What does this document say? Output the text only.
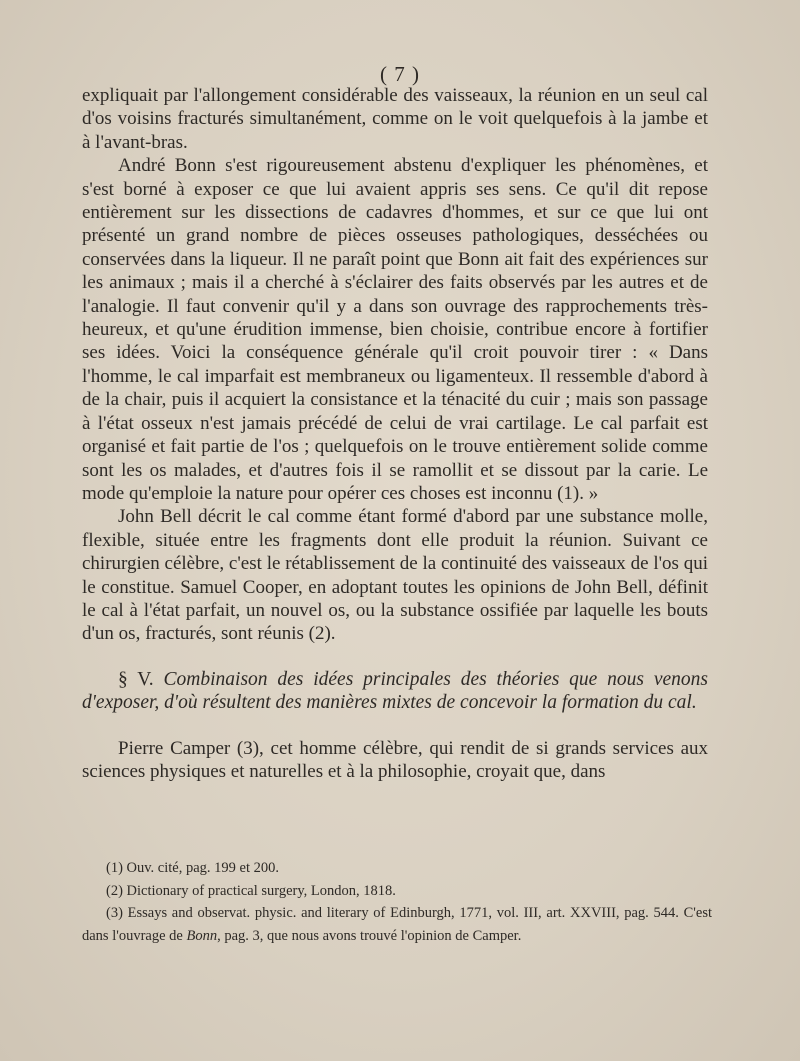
( 7 )

expliquait par l'allongement considérable des vaisseaux, la réunion en un seul cal d'os voisins fracturés simultanément, comme on le voit quelquefois à la jambe et à l'avant-bras.

André Bonn s'est rigoureusement abstenu d'expliquer les phénomènes, et s'est borné à exposer ce que lui avaient appris ses sens. Ce qu'il dit repose entièrement sur les dissections de cadavres d'hommes, et sur ce que lui ont présenté un grand nombre de pièces osseuses pathologiques, desséchées ou conservées dans la liqueur. Il ne paraît point que Bonn ait fait des expériences sur les animaux ; mais il a cherché à s'éclairer des faits observés par les autres et de l'analogie. Il faut convenir qu'il y a dans son ouvrage des rapprochements très-heureux, et qu'une érudition immense, bien choisie, contribue encore à fortifier ses idées. Voici la conséquence générale qu'il croit pouvoir tirer : « Dans l'homme, le cal imparfait est membraneux ou ligamenteux. Il ressemble d'abord à de la chair, puis il acquiert la consistance et la ténacité du cuir ; mais son passage à l'état osseux n'est jamais précédé de celui de vrai cartilage. Le cal parfait est organisé et fait partie de l'os ; quelquefois on le trouve entièrement solide comme sont les os malades, et d'autres fois il se ramollit et se dissout par la carie. Le mode qu'emploie la nature pour opérer ces choses est inconnu (1). »

John Bell décrit le cal comme étant formé d'abord par une substance molle, flexible, située entre les fragments dont elle produit la réunion. Suivant ce chirurgien célèbre, c'est le rétablissement de la continuité des vaisseaux de l'os qui le constitue. Samuel Cooper, en adoptant toutes les opinions de John Bell, définit le cal à l'état parfait, un nouvel os, ou la substance ossifiée par laquelle les bouts d'un os, fracturés, sont réunis (2).

§ V. Combinaison des idées principales des théories que nous venons d'exposer, d'où résultent des manières mixtes de concevoir la formation du cal.

Pierre Camper (3), cet homme célèbre, qui rendit de si grands services aux sciences physiques et naturelles et à la philosophie, croyait que, dans

(1) Ouv. cité, pag. 199 et 200.

(2) Dictionary of practical surgery, London, 1818.

(3) Essays and observat. physic. and literary of Edinburgh, 1771, vol. III, art. XXVIII, pag. 544. C'est dans l'ouvrage de Bonn, pag. 3, que nous avons trouvé l'opinion de Camper.
